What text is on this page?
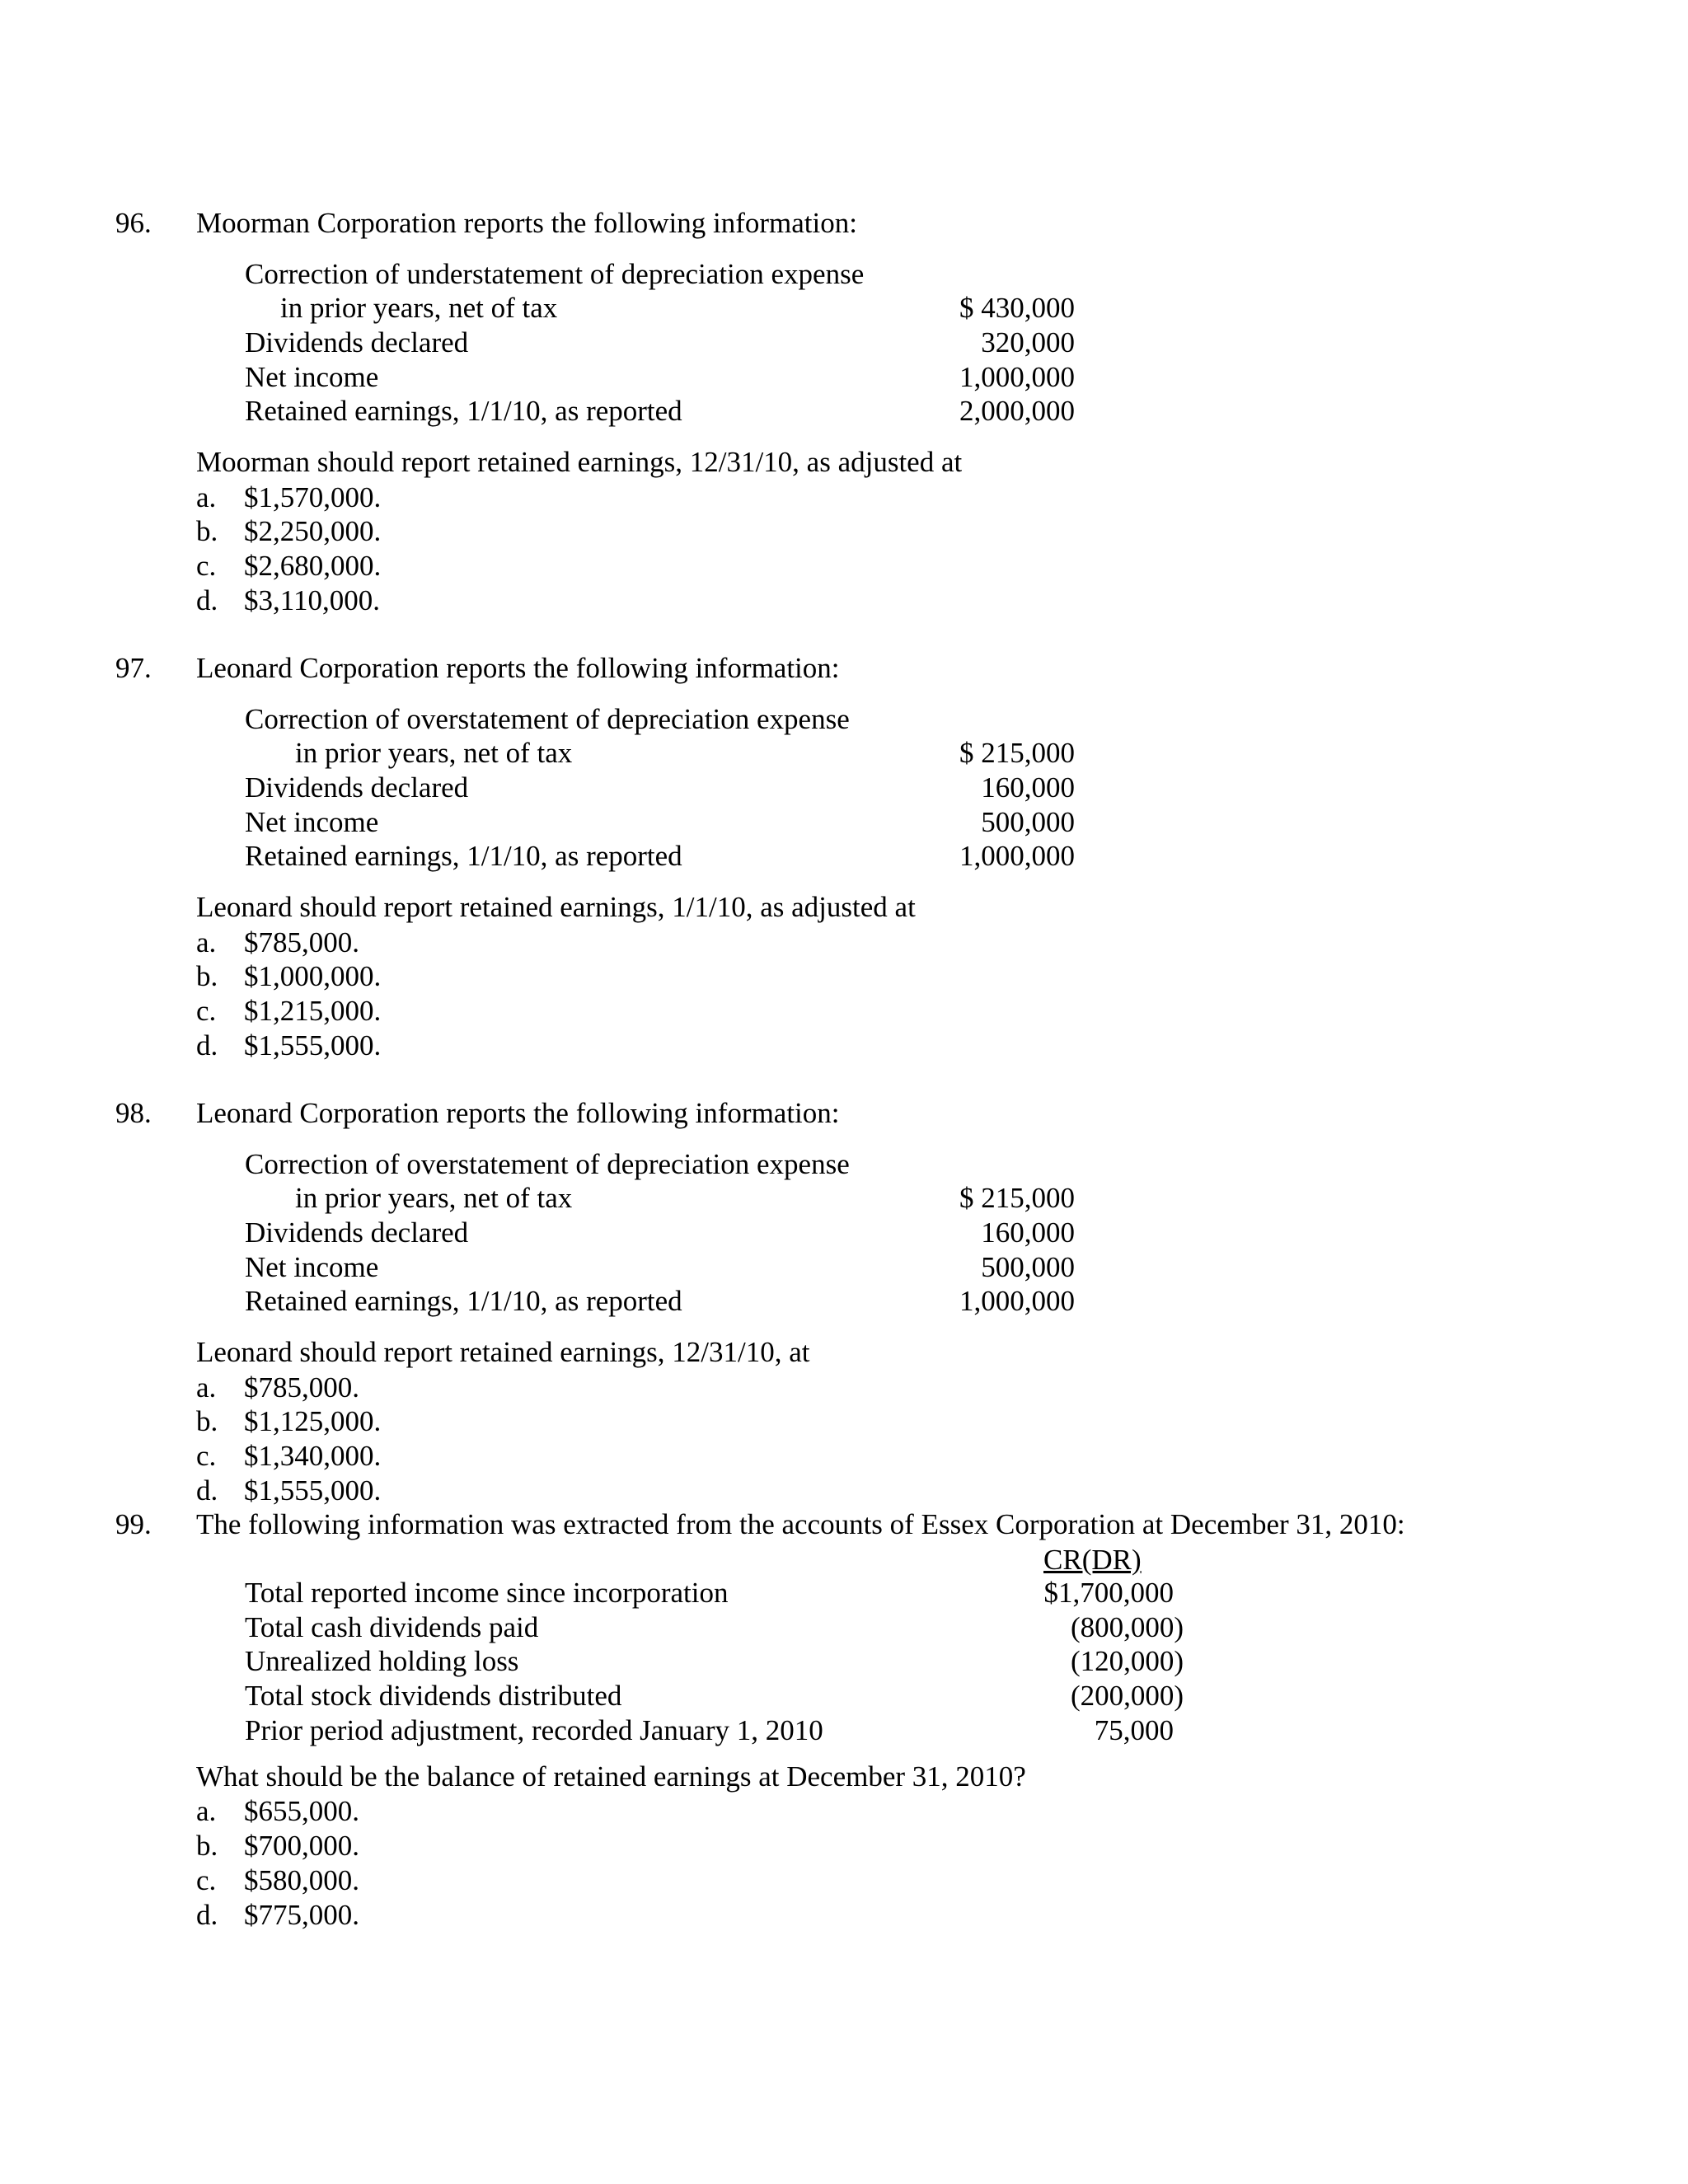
96. Moorman Corporation reports the following information:
Correction of understatement of depreciation expense
in prior years, net of tax	$ 430,000
Dividends declared	320,000
Net income	1,000,000
Retained earnings, 1/1/10, as reported	2,000,000
Moorman should report retained earnings, 12/31/10, as adjusted at
a. $1,570,000.
b. $2,250,000.
c. $2,680,000.
d. $3,110,000.
97. Leonard Corporation reports the following information:
Correction of overstatement of depreciation expense
in prior years, net of tax	$ 215,000
Dividends declared	160,000
Net income	500,000
Retained earnings, 1/1/10, as reported	1,000,000
Leonard should report retained earnings, 1/1/10, as adjusted at
a. $785,000.
b. $1,000,000.
c. $1,215,000.
d. $1,555,000.
98. Leonard Corporation reports the following information:
Correction of overstatement of depreciation expense
in prior years, net of tax	$ 215,000
Dividends declared	160,000
Net income	500,000
Retained earnings, 1/1/10, as reported	1,000,000
Leonard should report retained earnings, 12/31/10, at
a. $785,000.
b. $1,125,000.
c. $1,340,000.
d. $1,555,000.
99. The following information was extracted from the accounts of Essex Corporation at December 31, 2010:
CR(DR)
Total reported income since incorporation	$1,700,000
Total cash dividends paid	(800,000)
Unrealized holding loss	(120,000)
Total stock dividends distributed	(200,000)
Prior period adjustment, recorded January 1, 2010	75,000
What should be the balance of retained earnings at December 31, 2010?
a. $655,000.
b. $700,000.
c. $580,000.
d. $775,000.
